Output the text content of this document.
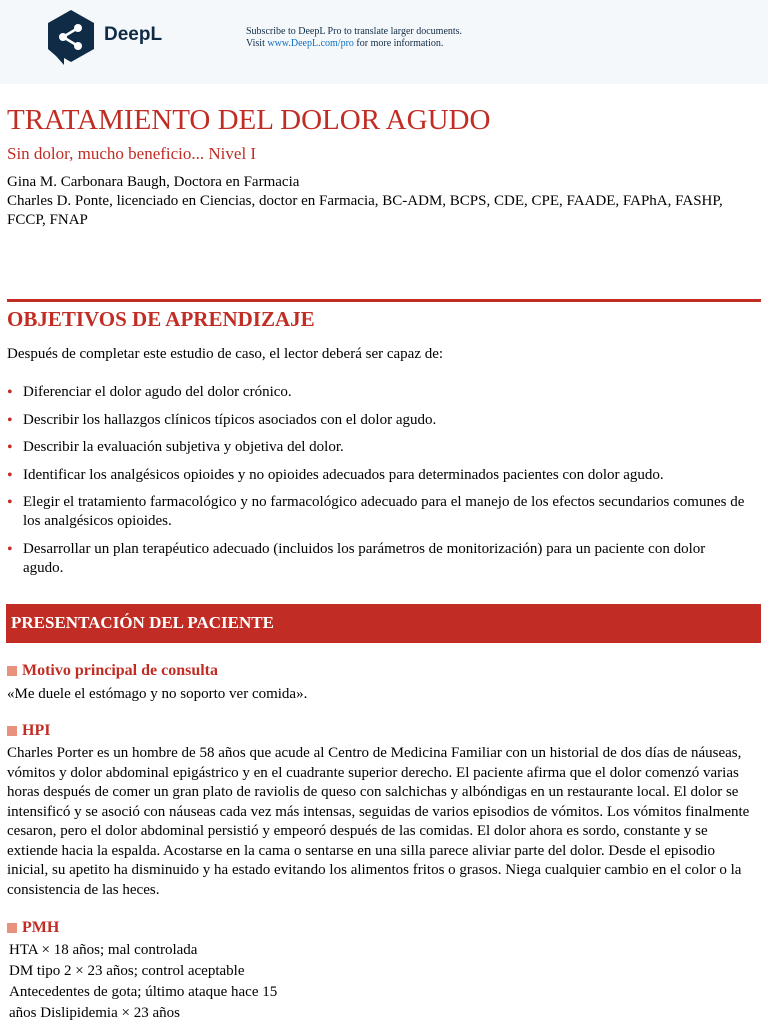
DeepL	Subscribe to DeepL Pro to translate larger documents.
Visit www.DeepL.com/pro for more information.
TRATAMIENTO DEL DOLOR AGUDO
Sin dolor, mucho beneficio... Nivel I
Gina M. Carbonara Baugh, Doctora en Farmacia
Charles D. Ponte, licenciado en Ciencias, doctor en Farmacia, BC-ADM, BCPS, CDE, CPE, FAADE, FAPhA, FASHP, FCCP, FNAP
OBJETIVOS DE APRENDIZAJE
Después de completar este estudio de caso, el lector deberá ser capaz de:
• Diferenciar el dolor agudo del dolor crónico.
• Describir los hallazgos clínicos típicos asociados con el dolor agudo.
• Describir la evaluación subjetiva y objetiva del dolor.
• Identificar los analgésicos opioides y no opioides adecuados para determinados pacientes con dolor agudo.
• Elegir el tratamiento farmacológico y no farmacológico adecuado para el manejo de los efectos secundarios comunes de los analgésicos opioides.
• Desarrollar un plan terapéutico adecuado (incluidos los parámetros de monitorización) para un paciente con dolor agudo.
PRESENTACIÓN DEL PACIENTE
Motivo principal de consulta
«Me duele el estómago y no soporto ver comida».
HPI
Charles Porter es un hombre de 58 años que acude al Centro de Medicina Familiar con un historial de dos días de náuseas, vómitos y dolor abdominal epigástrico y en el cuadrante superior derecho. El paciente afirma que el dolor comenzó varias horas después de comer un gran plato de raviolis de queso con salchichas y albóndigas en un restaurante local. El dolor se intensificó y se asoció con náuseas cada vez más intensas, seguidas de varios episodios de vómitos. Los vómitos finalmente cesaron, pero el dolor abdominal persistió y empeoró después de las comidas. El dolor ahora es sordo, constante y se extiende hacia la espalda. Acostarse en la cama o sentarse en una silla parece aliviar parte del dolor. Desde el episodio inicial, su apetito ha disminuido y ha estado evitando los alimentos fritos o grasos. Niega cualquier cambio en el color o la consistencia de las heces.
PMH
HTA × 18 años; mal controlada
DM tipo 2 × 23 años; control aceptable
Antecedentes de gota; último ataque hace 15
años Dislipidemia × 23 años
